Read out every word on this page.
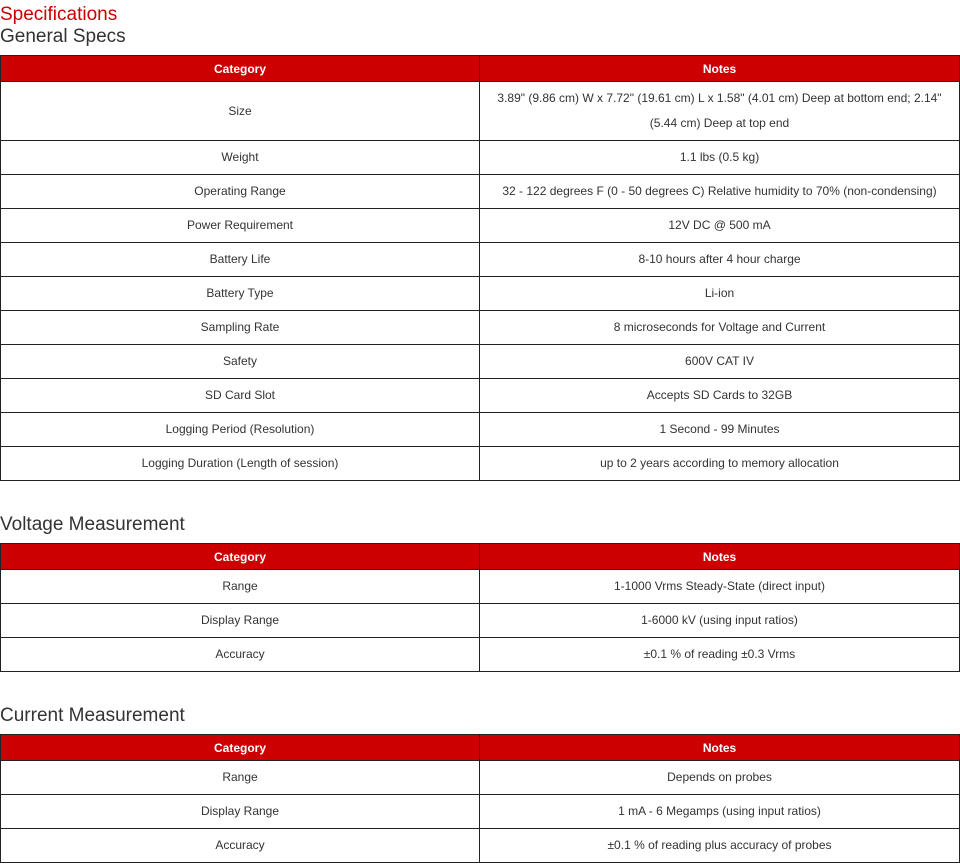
Specifications
General Specs
Category	Notes
Size	3.89" (9.86 cm) W x 7.72" (19.61 cm) L x 1.58" (4.01 cm) Deep at bottom end; 2.14" (5.44 cm) Deep at top end
Weight	1.1 lbs (0.5 kg)
Operating Range	32 - 122 degrees F (0 - 50 degrees C) Relative humidity to 70% (non-condensing)
Power Requirement	12V DC @ 500 mA
Battery Life	8-10 hours after 4 hour charge
Battery Type	Li-ion
Sampling Rate	8 microseconds for Voltage and Current
Safety	600V CAT IV
SD Card Slot	Accepts SD Cards to 32GB
Logging Period (Resolution)	1 Second - 99 Minutes
Logging Duration (Length of session)	up to 2 years according to memory allocation
Voltage Measurement
Category	Notes
Range	1-1000 Vrms Steady-State (direct input)
Display Range	1-6000 kV (using input ratios)
Accuracy	±0.1 % of reading ±0.3 Vrms
Current Measurement
Category	Notes
Range	Depends on probes
Display Range	1 mA - 6 Megamps (using input ratios)
Accuracy	±0.1 % of reading plus accuracy of probes
